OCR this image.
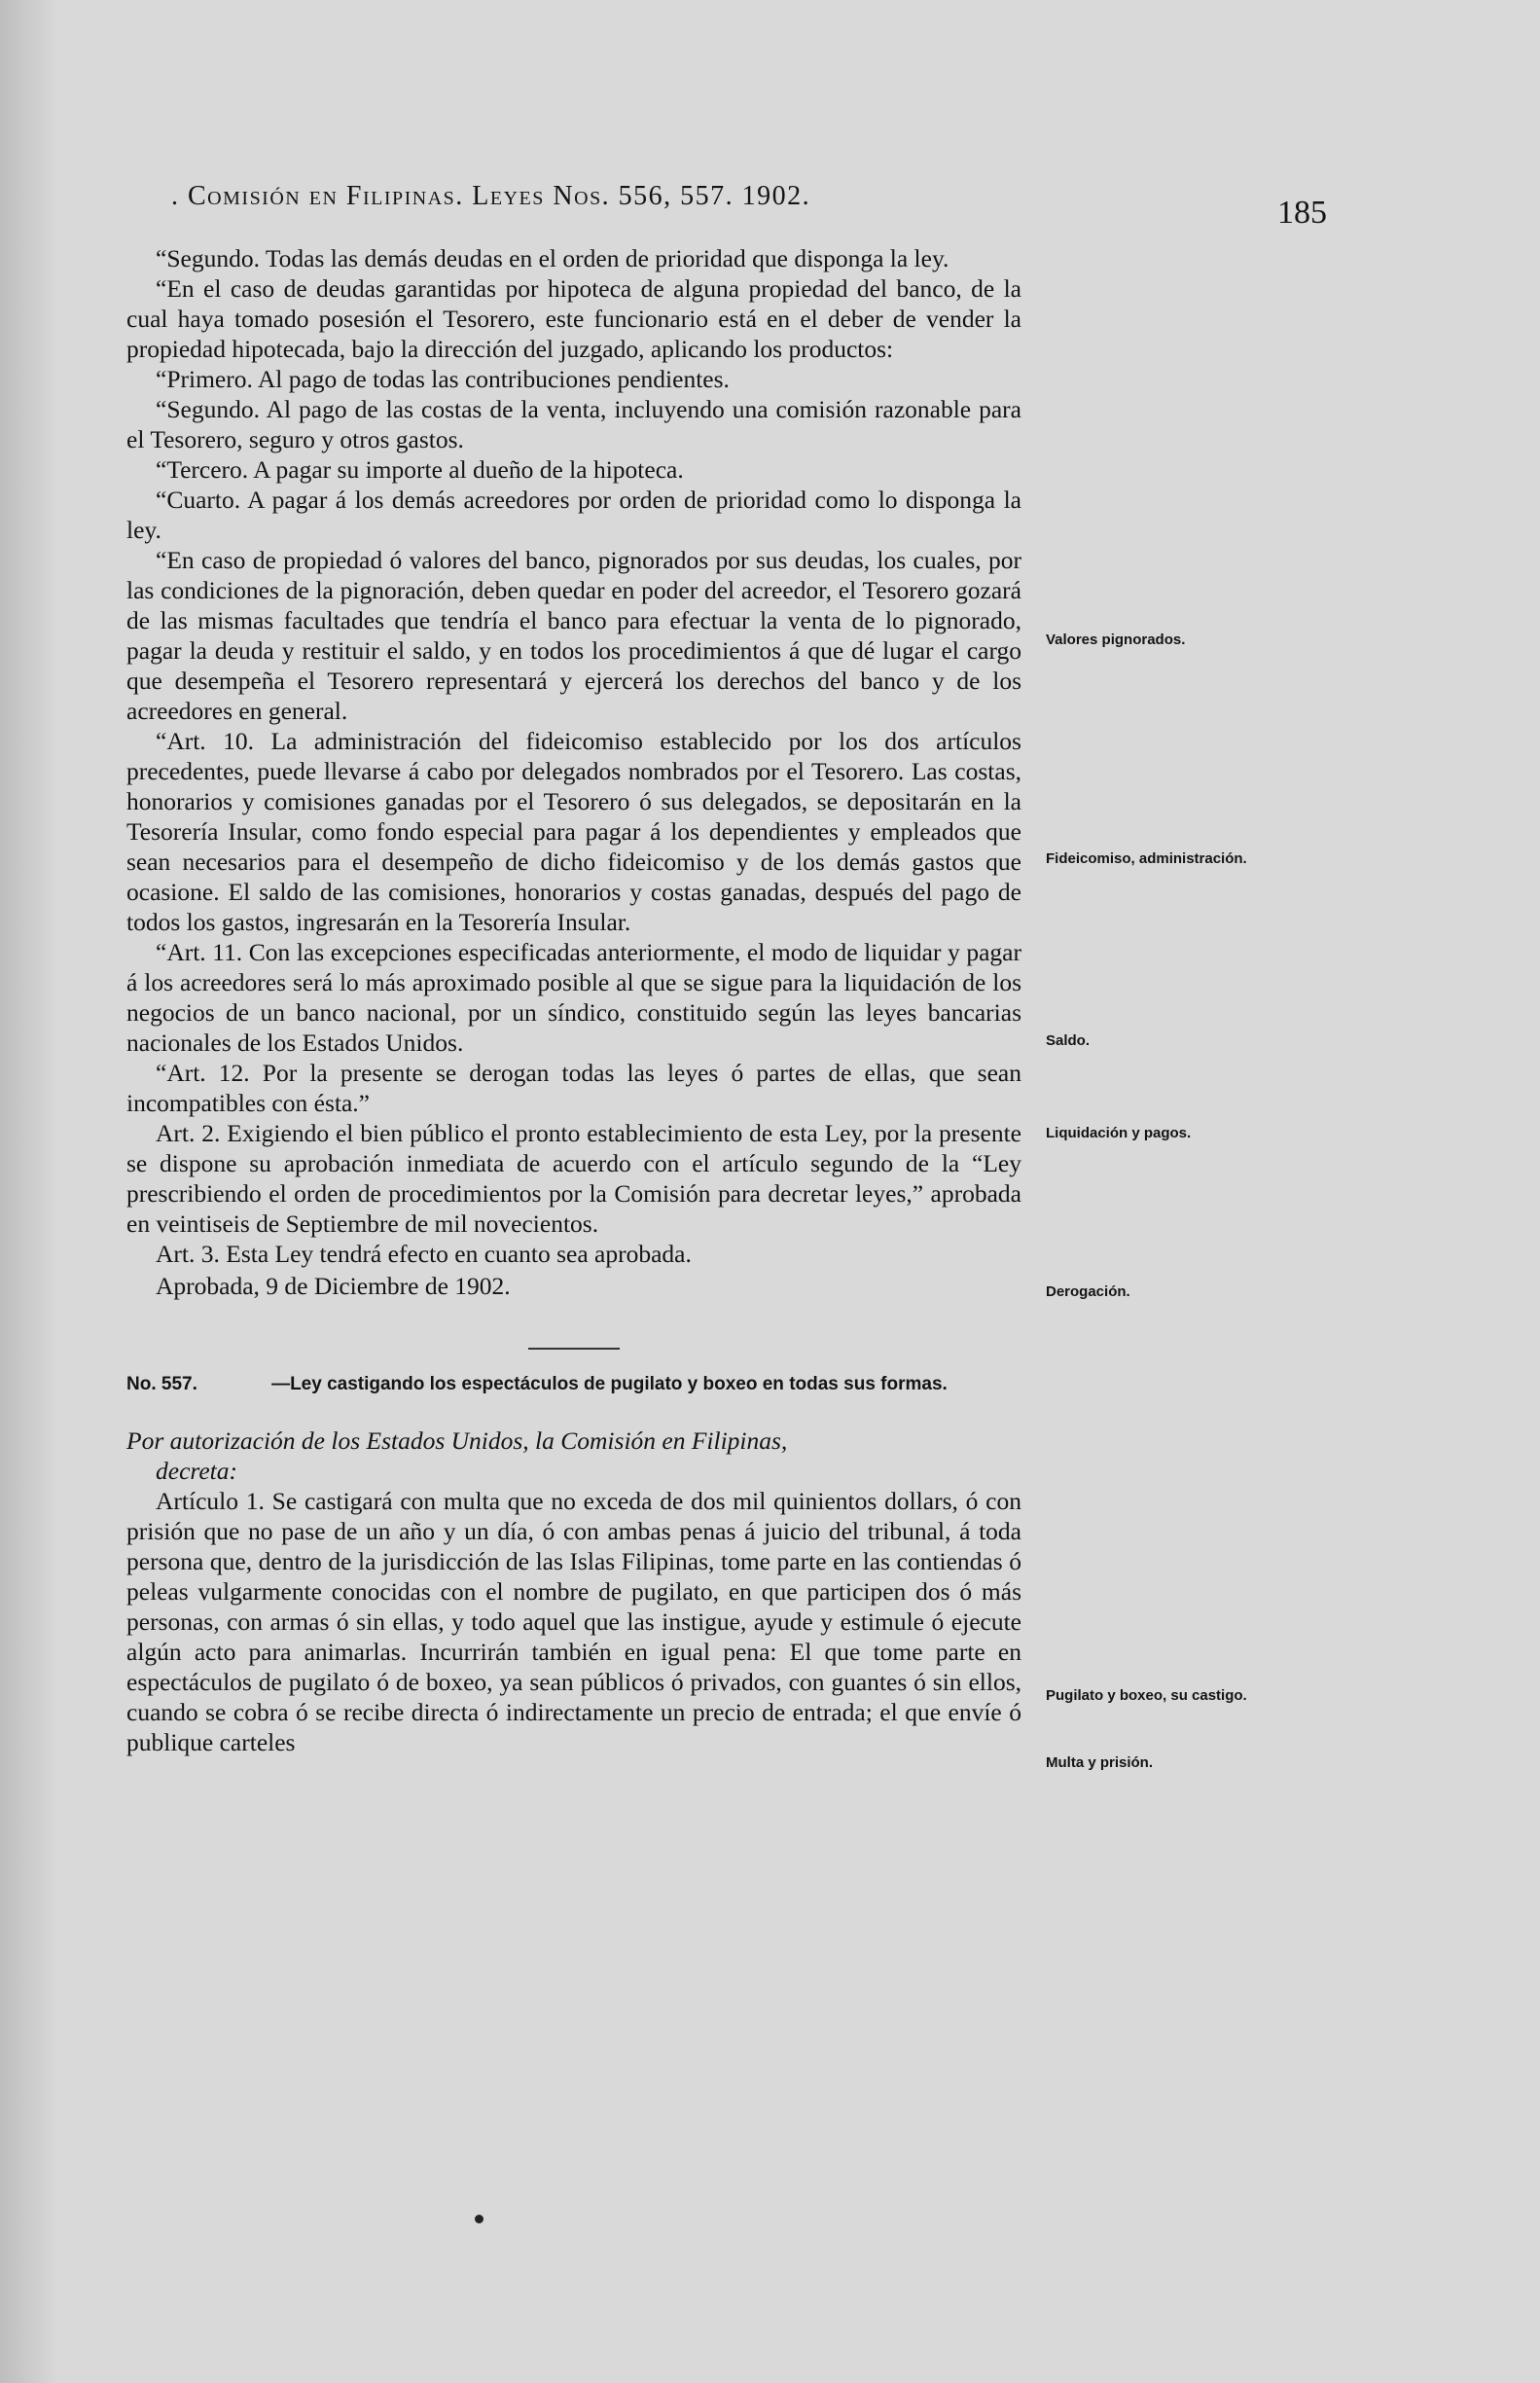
. Comisión en Filipinas. Leyes Nos. 556, 557. 1902.	185

“Segundo. Todas las demás deudas en el orden de prioridad que disponga la ley.

“En el caso de deudas garantidas por hipoteca de alguna propiedad del banco, de la cual haya tomado posesión el Tesorero, este funcionario está en el deber de vender la propiedad hipotecada, bajo la dirección del juzgado, aplicando los productos:

“Primero. Al pago de todas las contribuciones pendientes.

“Segundo. Al pago de las costas de la venta, incluyendo una comisión razonable para el Tesorero, seguro y otros gastos.

“Tercero. A pagar su importe al dueño de la hipoteca.

“Cuarto. A pagar á los demás acreedores por orden de prioridad como lo disponga la ley.

“En caso de propiedad ó valores del banco, pignorados por sus deudas, los cuales, por las condiciones de la pignoración, deben quedar en poder del acreedor, el Tesorero gozará de las mismas facultades que tendría el banco para efectuar la venta de lo pignorado, pagar la deuda y restituir el saldo, y en todos los procedimientos á que dé lugar el cargo que desempeña el Tesorero representará y ejercerá los derechos del banco y de los acreedores en general.

“Art. 10. La administración del fideicomiso establecido por los dos artículos precedentes, puede llevarse á cabo por delegados nombrados por el Tesorero. Las costas, honorarios y comisiones ganadas por el Tesorero ó sus delegados, se depositarán en la Tesorería Insular, como fondo especial para pagar á los dependientes y empleados que sean necesarios para el desempeño de dicho fideicomiso y de los demás gastos que ocasione. El saldo de las comisiones, honorarios y costas ganadas, después del pago de todos los gastos, ingresarán en la Tesorería Insular.

“Art. 11. Con las excepciones especificadas anteriormente, el modo de liquidar y pagar á los acreedores será lo más aproximado posible al que se sigue para la liquidación de los negocios de un banco nacional, por un síndico, constituido según las leyes bancarias nacionales de los Estados Unidos.

“Art. 12. Por la presente se derogan todas las leyes ó partes de ellas, que sean incompatibles con ésta.”

Art. 2. Exigiendo el bien público el pronto establecimiento de esta Ley, por la presente se dispone su aprobación inmediata de acuerdo con el artículo segundo de la “Ley prescribiendo el orden de procedimientos por la Comisión para decretar leyes,” aprobada en veintiseis de Septiembre de mil novecientos.

Art. 3. Esta Ley tendrá efecto en cuanto sea aprobada.

Aprobada, 9 de Diciembre de 1902.

No. 557.	—Ley castigando los espectáculos de pugilato y boxeo en todas sus formas.

Por autorización de los Estados Unidos, la Comisión en Filipinas,
decreta:

Artículo 1. Se castigará con multa que no exceda de dos mil quinientos dollars, ó con prisión que no pase de un año y un día, ó con ambas penas á juicio del tribunal, á toda persona que, dentro de la jurisdicción de las Islas Filipinas, tome parte en las contiendas ó peleas vulgarmente conocidas con el nombre de pugilato, en que participen dos ó más personas, con armas ó sin ellas, y todo aquel que las instigue, ayude y estimule ó ejecute algún acto para animarlas. Incurrirán también en igual pena: El que tome parte en espectáculos de pugilato ó de boxeo, ya sean públicos ó privados, con guantes ó sin ellos, cuando se cobra ó se recibe directa ó indirectamente un precio de entrada; el que envíe ó publique carteles

Valores pignorados.
Fideicomiso, administración.
Saldo.
Liquidación y pagos.
Derogación.
Pugilato y boxeo, su castigo.
Multa y prisión.
